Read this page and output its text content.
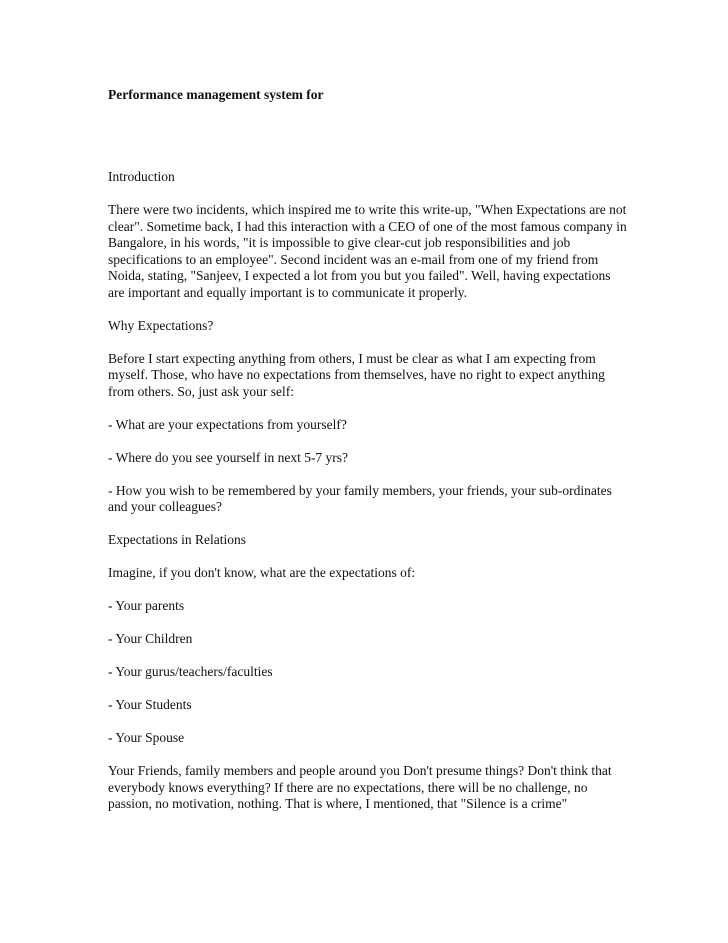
Performance management system for

Introduction

There were two incidents, which inspired me to write this write-up, "When Expectations are not clear". Sometime back, I had this interaction with a CEO of one of the most famous company in Bangalore, in his words, "it is impossible to give clear-cut job responsibilities and job specifications to an employee". Second incident was an e-mail from one of my friend from Noida, stating, "Sanjeev, I expected a lot from you but you failed". Well, having expectations are important and equally important is to communicate it properly.

Why Expectations?

Before I start expecting anything from others, I must be clear as what I am expecting from myself. Those, who have no expectations from themselves, have no right to expect anything from others. So, just ask your self:

- What are your expectations from yourself?

- Where do you see yourself in next 5-7 yrs?

- How you wish to be remembered by your family members, your friends, your sub-ordinates and your colleagues?

Expectations in Relations

Imagine, if you don't know, what are the expectations of:

- Your parents

- Your Children

- Your gurus/teachers/faculties

- Your Students

- Your Spouse

Your Friends, family members and people around you Don't presume things? Don't think that everybody knows everything? If there are no expectations, there will be no challenge, no passion, no motivation, nothing. That is where, I mentioned, that "Silence is a crime"
